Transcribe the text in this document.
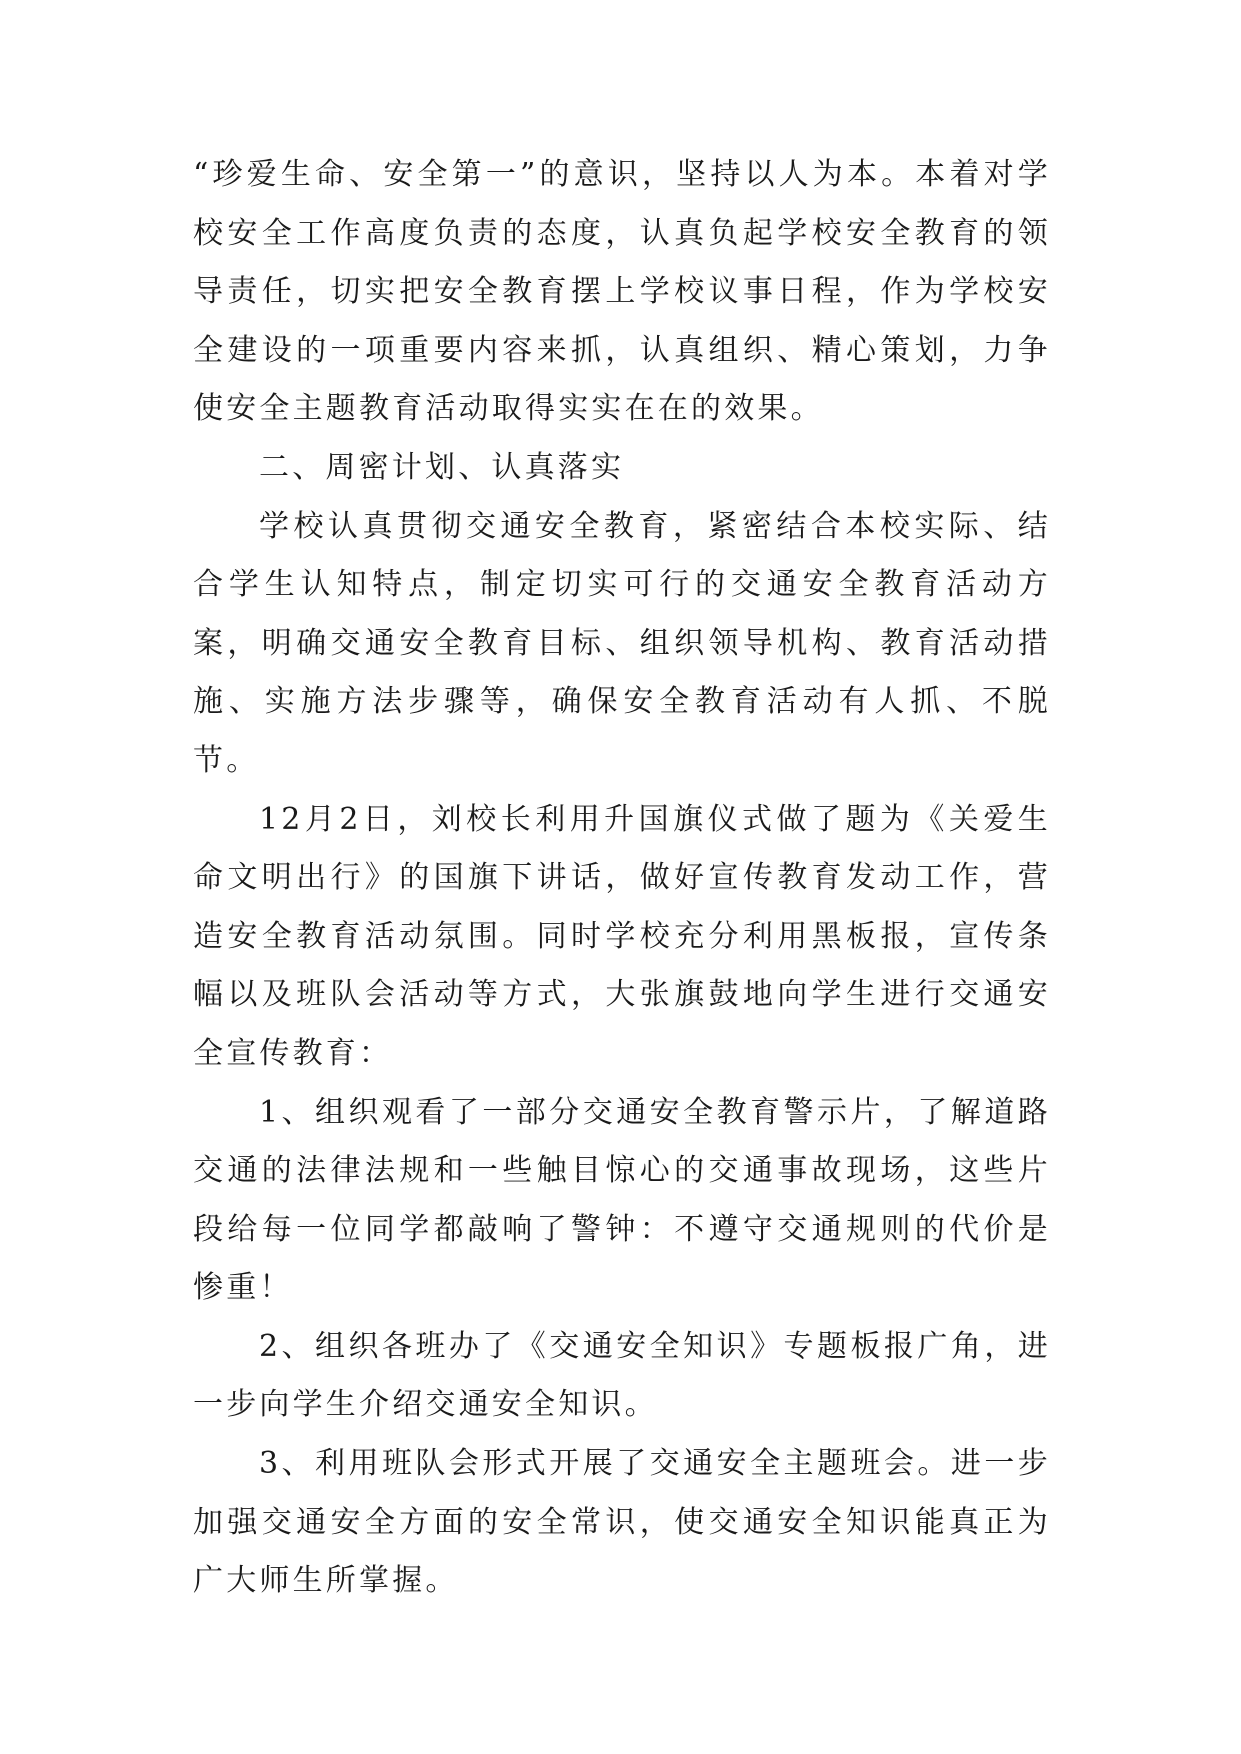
“珍爱生命、安全第一”的意识，坚持以人为本。本着对学校安全工作高度负责的态度，认真负起学校安全教育的领导责任，切实把安全教育摆上学校议事日程，作为学校安全建设的一项重要内容来抓，认真组织、精心策划，力争使安全主题教育活动取得实实在在的效果。

二、周密计划、认真落实

学校认真贯彻交通安全教育，紧密结合本校实际、结合学生认知特点，制定切实可行的交通安全教育活动方案，明确交通安全教育目标、组织领导机构、教育活动措施、实施方法步骤等，确保安全教育活动有人抓、不脱节。

12月2日，刘校长利用升国旗仪式做了题为《关爱生命文明出行》的国旗下讲话，做好宣传教育发动工作，营造安全教育活动氛围。同时学校充分利用黑板报，宣传条幅以及班队会活动等方式，大张旗鼓地向学生进行交通安全宣传教育：

1、组织观看了一部分交通安全教育警示片，了解道路交通的法律法规和一些触目惊心的交通事故现场，这些片段给每一位同学都敲响了警钟：不遵守交通规则的代价是惨重！

2、组织各班办了《交通安全知识》专题板报广角，进一步向学生介绍交通安全知识。

3、利用班队会形式开展了交通安全主题班会。进一步加强交通安全方面的安全常识，使交通安全知识能真正为广大师生所掌握。
